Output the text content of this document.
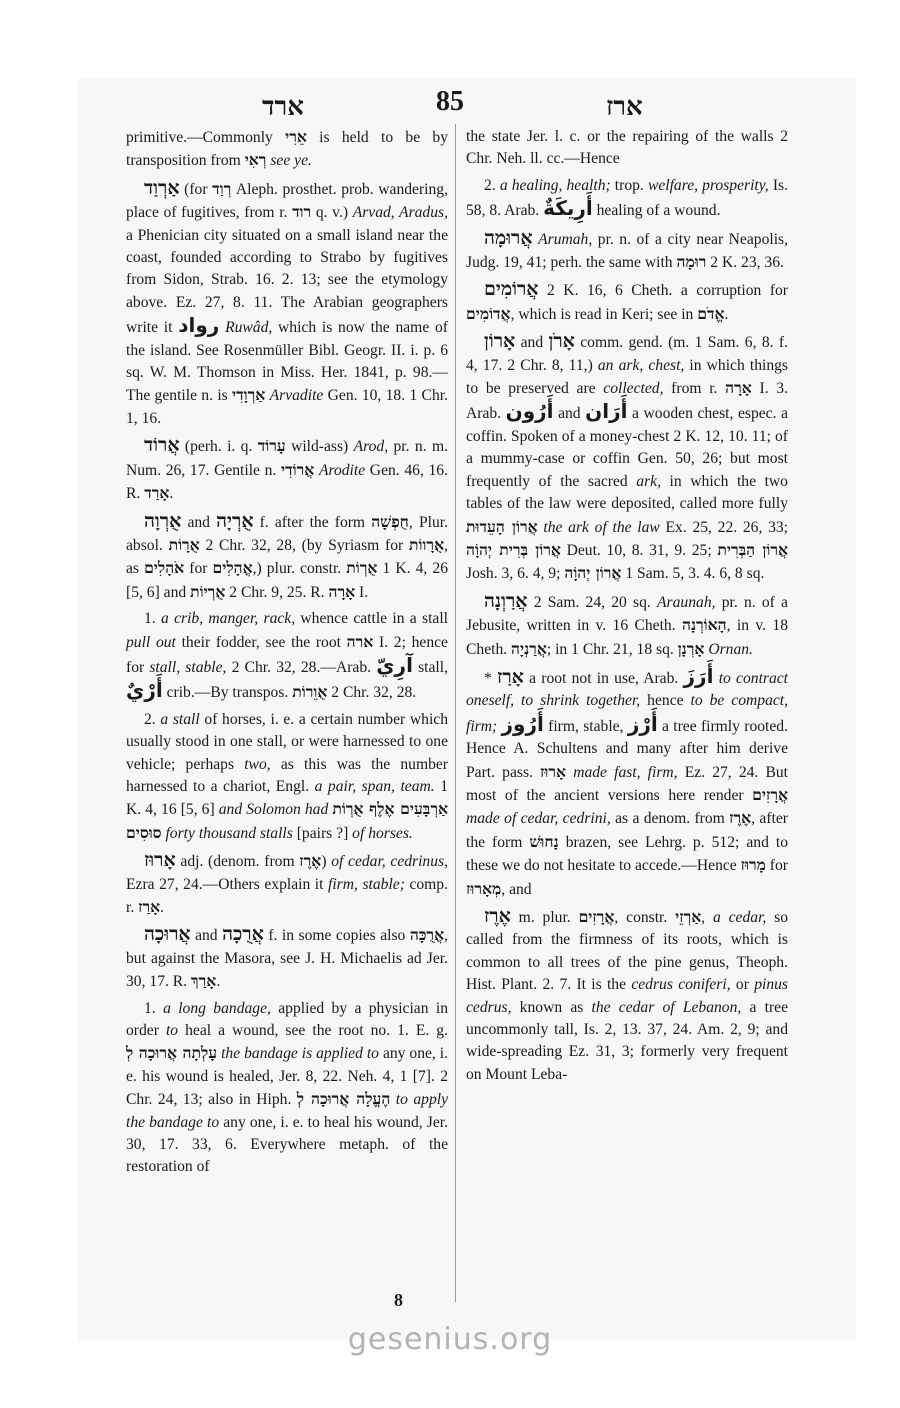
ארד	85	ארז

primitive.—Commonly אֵרִי is held to be by transposition from רְאִי see ye.

אַרְוַד (for רְוַד Aleph. prosthet. prob. wandering, place of fugitives, from r. רוד q. v.) Arvad, Aradus, a Phenician city situated on a small island near the coast, founded according to Strabo by fugitives from Sidon, Strab. 16. 2. 13; see the etymology above. Ez. 27, 8. 11. The Arabian geographers write it رواد Ruwâd, which is now the name of the island. See Rosenmüller Bibl. Geogr. II. i. p. 6 sq. W. M. Thomson in Miss. Her. 1841, p. 98.—The gentile n. is אַרְוָדִי Arvadite Gen. 10, 18. 1 Chr. 1, 16.

אֲרוֹד (perh. i. q. עָרוֹד wild-ass) Arod, pr. n. m. Num. 26, 17. Gentile n. אֲרוֹדִי Arodite Gen. 46, 16. R. אָרַד.

אֻרְוָה and אֻרְיָה f. after the form חֻפְשָׁה, Plur. absol. אֻרָוֹת 2 Chr. 32, 28, (by Syriasm for אֻרָווֹת, as אֹהָלִים for אֳהָלִים,) plur. constr. אֻרְוֹת 1 K. 4, 26 [5, 6] and אֻרְיוֹת 2 Chr. 9, 25. R. אָרָה I.

1. a crib, manger, rack, whence cattle in a stall pull out their fodder, see the root ארה I. 2; hence for stall, stable, 2 Chr. 32, 28.—Arab. آرِيّ stall, أَرْيٌ crib.—By transpos. אֻוֵרוֹת 2 Chr. 32, 28.

2. a stall of horses, i. e. a certain number which usually stood in one stall, or were harnessed to one vehicle; perhaps two, as this was the number harnessed to a chariot, Engl. a pair, span, team. 1 K. 4, 16 [5, 6] and Solomon had אַרְבָּעִים אֶלֶף אֻרְוֹת סוּסִים forty thousand stalls [pairs ?] of horses.

אָרוּז adj. (denom. from אֶרֶז) of cedar, cedrinus, Ezra 27, 24.—Others explain it firm, stable; comp. r. אָרַז.

אֲרוּכָה and אֲרֻכָה f. in some copies also אֲרֻכָּה, but against the Masora, see J. H. Michaelis ad Jer. 30, 17. R. אָרַךְ.

1. a long bandage, applied by a physician in order to heal a wound, see the root no. 1. E. g. עָלְתָה אֲרוּכָה לְ the bandage is applied to any one, i. e. his wound is healed, Jer. 8, 22. Neh. 4, 1 [7]. 2 Chr. 24, 13; also in Hiph. הֶעֱלָה אֲרוּכָה לְ to apply the bandage to any one, i. e. to heal his wound, Jer. 30, 17. 33, 6. Everywhere metaph. of the restoration of

the state Jer. l. c. or the repairing of the walls 2 Chr. Neh. ll. cc.—Hence

2. a healing, health; trop. welfare, prosperity, Is. 58, 8. Arab. أَرِيكَةٌ healing of a wound.

אֲרוּמָה Arumah, pr. n. of a city near Neapolis, Judg. 19, 41; perh. the same with רוּמָה 2 K. 23, 36.

אֲרוֹמִים 2 K. 16, 6 Cheth. a corruption for אֲדוֹמִים, which is read in Keri; see in אֱדֹם.

אָרוֹן and אָרֹן comm. gend. (m. 1 Sam. 6, 8. f. 4, 17. 2 Chr. 8, 11,) an ark, chest, in which things to be preserved are collected, from r. אָרָה I. 3. Arab. أَرُون and أَرَان a wooden chest, espec. a coffin. Spoken of a money-chest 2 K. 12, 10. 11; of a mummy-case or coffin Gen. 50, 26; but most frequently of the sacred ark, in which the two tables of the law were deposited, called more fully אֲרוֹן הָעֵדוּת the ark of the law Ex. 25, 22. 26, 33; אֲרוֹן בְּרִית יְהוָֹה Deut. 10, 8. 31, 9. 25; אֲרוֹן הַבְּרִית Josh. 3, 6. 4, 9; אֲרוֹן יְהוָֹה 1 Sam. 5, 3. 4. 6, 8 sq.

אֲרַוְנָה 2 Sam. 24, 20 sq. Araunah, pr. n. of a Jebusite, written in v. 16 Cheth. הָאוֹרְנָה, in v. 18 Cheth. אֲרַנְיָה; in 1 Chr. 21, 18 sq. אָרְנָן Ornan.

* אָרַז a root not in use, Arab. أَرَزَ to contract oneself, to shrink together, hence to be compact, firm; أَرُوز firm, stable, أَرْز a tree firmly rooted. Hence A. Schultens and many after him derive Part. pass. אָרוּז made fast, firm, Ez. 27, 24. But most of the ancient versions here render אֲרָזִים made of cedar, cedrini, as a denom. from אֶרֶז, after the form נָחוּשׁ brazen, see Lehrg. p. 512; and to these we do not hesitate to accede.—Hence מָרוּז for מְאָרוּז, and

אֶרֶז m. plur. אֲרָזִים, constr. אַרְזֵי, a cedar, so called from the firmness of its roots, which is common to all trees of the pine genus, Theoph. Hist. Plant. 2. 7. It is the cedrus coniferi, or pinus cedrus, known as the cedar of Lebanon, a tree uncommonly tall, Is. 2, 13. 37, 24. Am. 2, 9; and wide-spreading Ez. 31, 3; formerly very frequent on Mount Leba-

8
gesenius.org
